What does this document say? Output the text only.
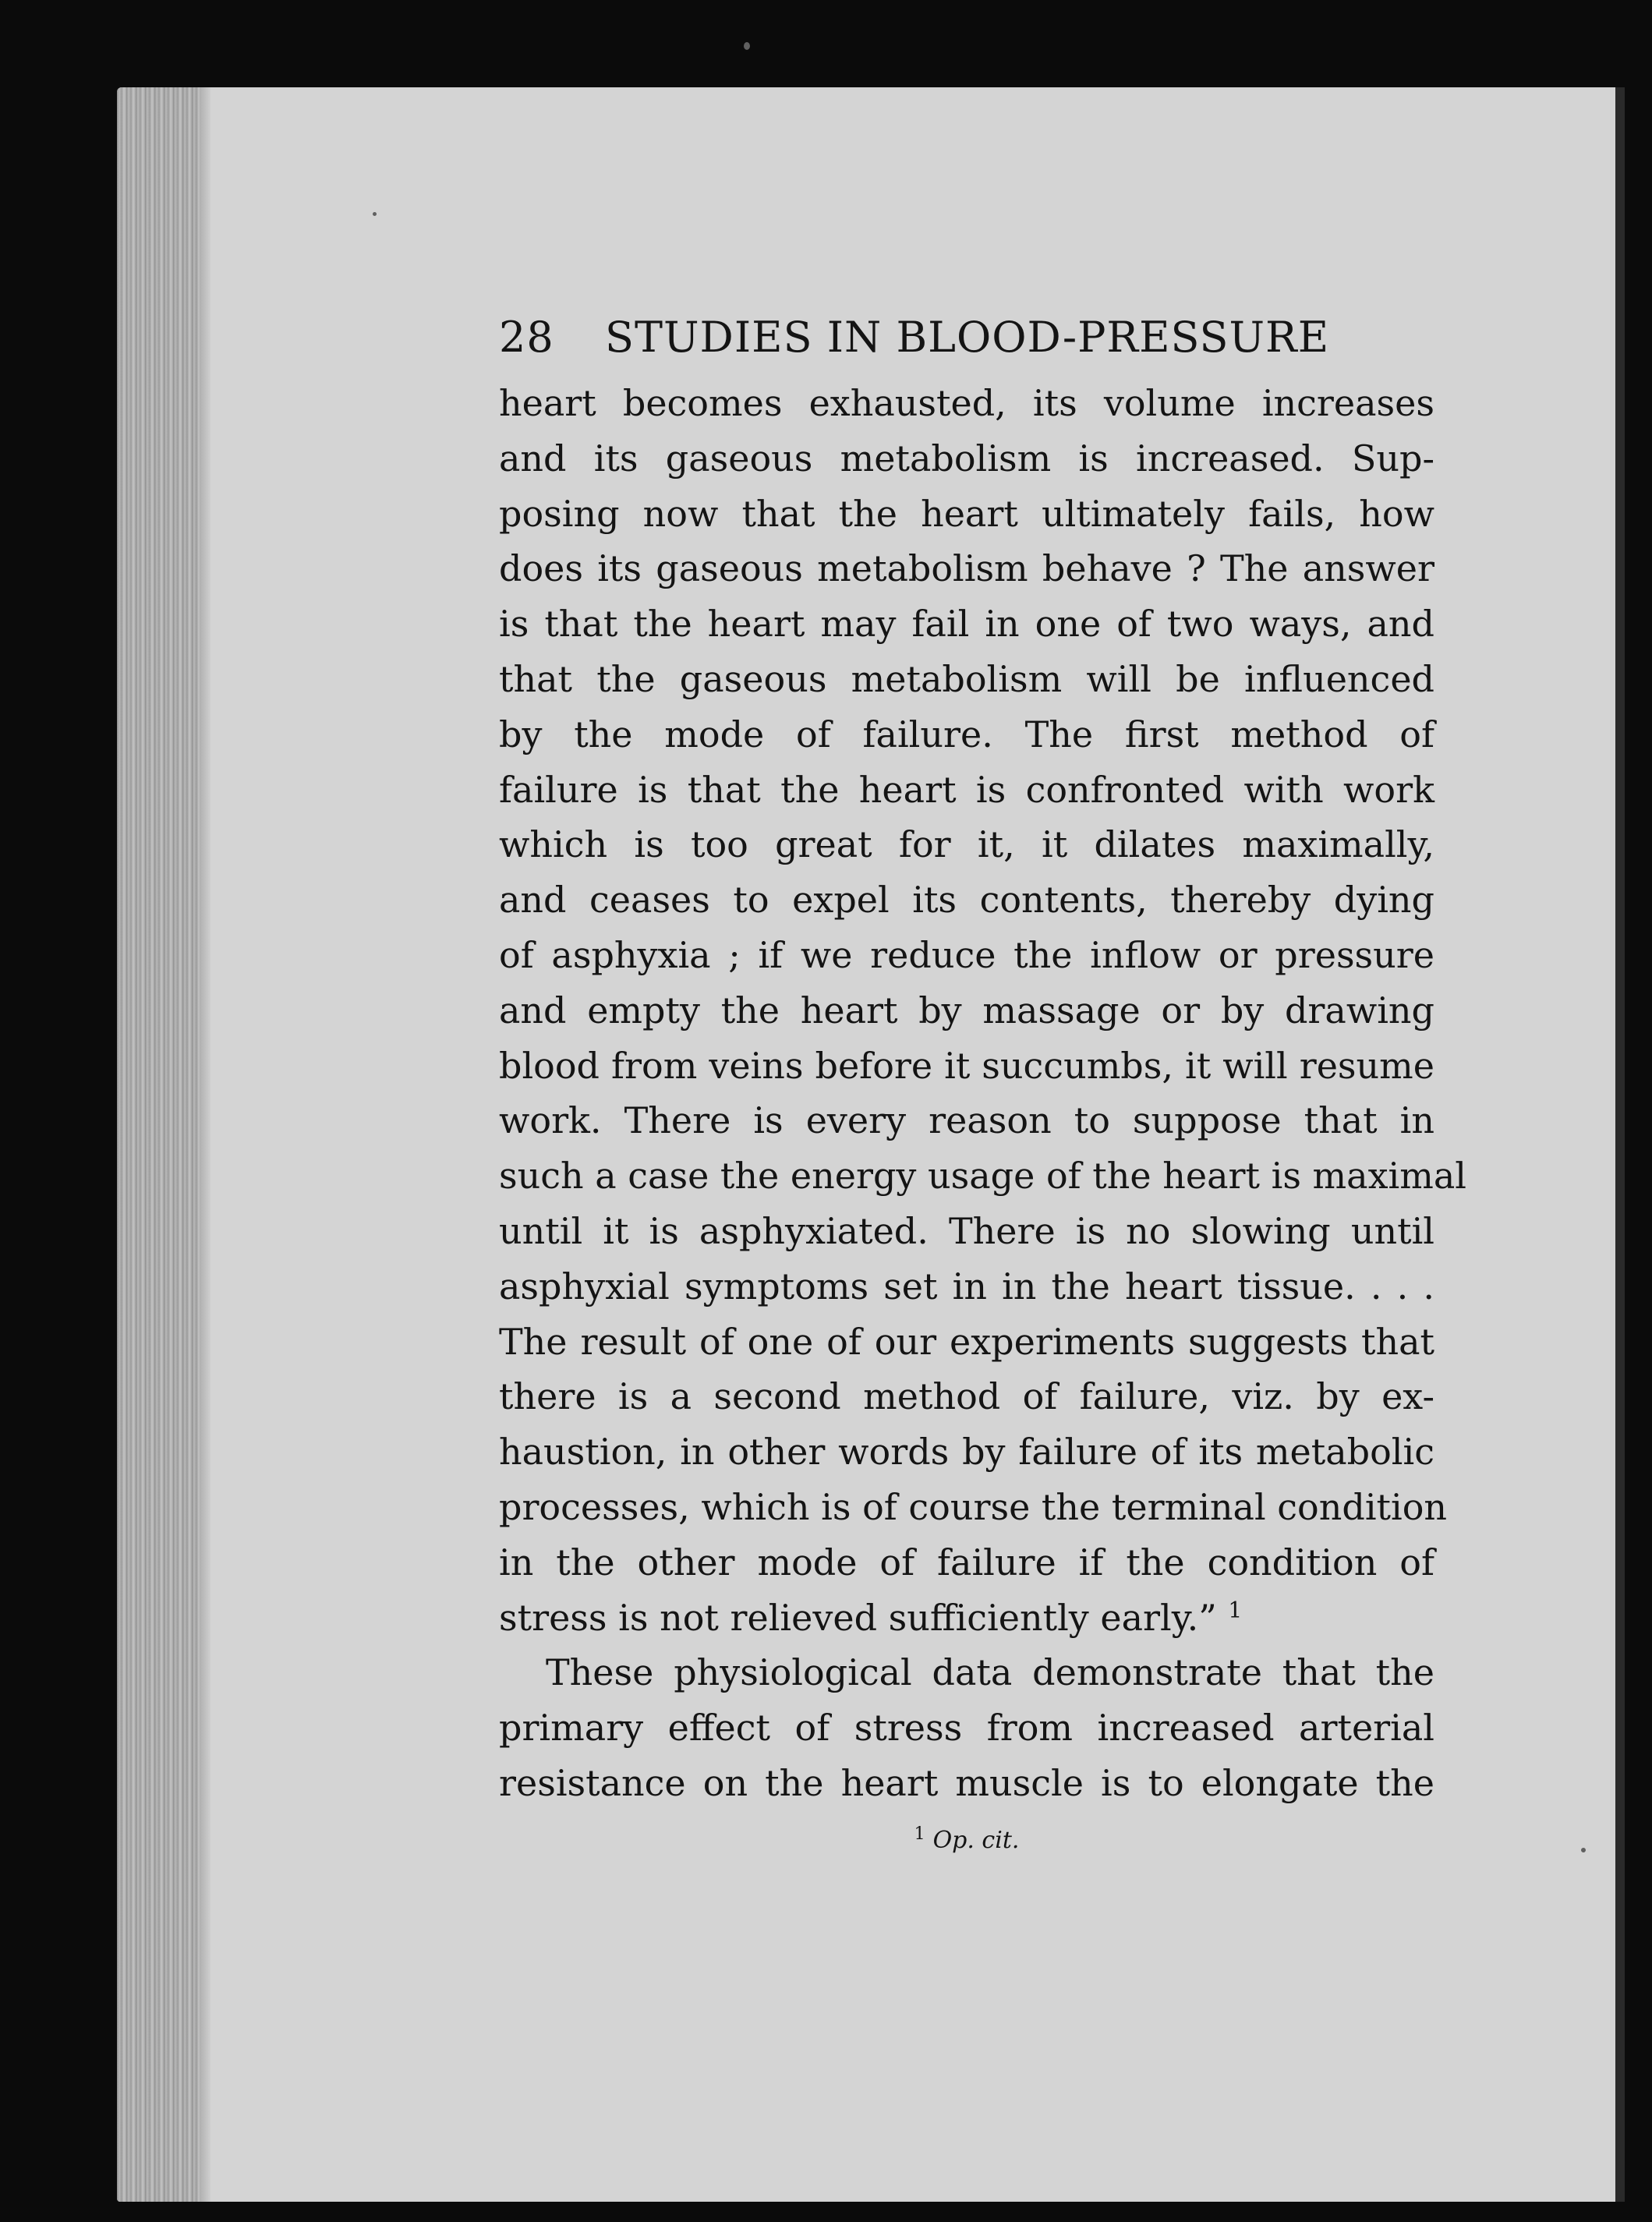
28	STUDIES IN BLOOD-PRESSURE
heart becomes exhausted, its volume increases
and its gaseous metabolism is increased. Sup-
posing now that the heart ultimately fails, how
does its gaseous metabolism behave ? The answer
is that the heart may fail in one of two ways, and
that the gaseous metabolism will be influenced
by the mode of failure. The first method of
failure is that the heart is confronted with work
which is too great for it, it dilates maximally,
and ceases to expel its contents, thereby dying
of asphyxia ; if we reduce the inflow or pressure
and empty the heart by massage or by drawing
blood from veins before it succumbs, it will resume
work. There is every reason to suppose that in
such a case the energy usage of the heart is maximal
until it is asphyxiated. There is no slowing until
asphyxial symptoms set in in the heart tissue. . . .
The result of one of our experiments suggests that
there is a second method of failure, viz. by ex-
haustion, in other words by failure of its metabolic
processes, which is of course the terminal condition
in the other mode of failure if the condition of
stress is not relieved sufficiently early.” $^1$
These physiological data demonstrate that the
primary effect of stress from increased arterial
resistance on the heart muscle is to elongate the
$^1$ Op. cit.
